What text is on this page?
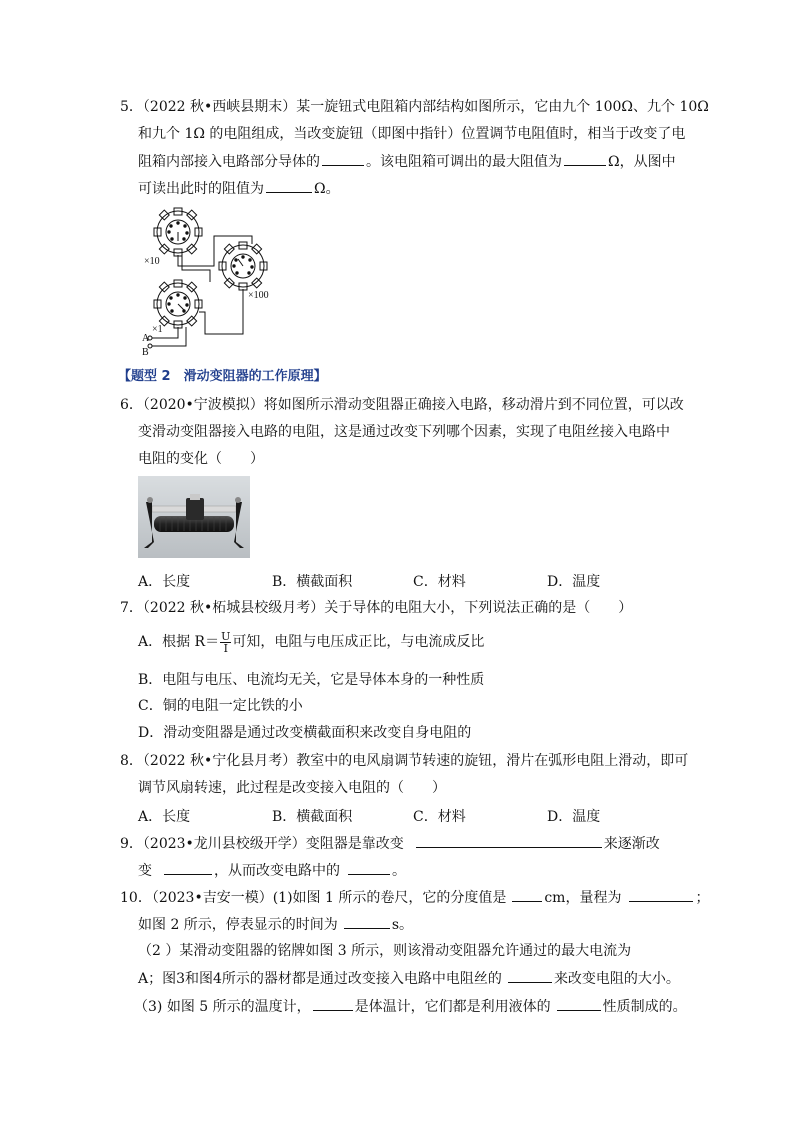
5．（2022 秋•西峡县期末）某一旋钮式电阻箱内部结构如图所示，它由九个 100Ω、九个 10Ω
和九个 1Ω 的电阻组成，当改变旋钮（即图中指针）位置调节电阻值时，相当于改变了电
阻箱内部接入电路部分导体的	。该电阻箱可调出的最大阻值为	Ω，从图中
可读出此时的阻值为	Ω。
×10
×100
×1
A
B
【题型 2　滑动变阻器的工作原理】
6．（2020•宁波模拟）将如图所示滑动变阻器正确接入电路，移动滑片到不同位置，可以改
变滑动变阻器接入电路的电阻，这是通过改变下列哪个因素，实现了电阻丝接入电路中
电阻的变化（　　）
A．长度	B．横截面积	C．材料	D．温度
7．（2022 秋•柘城县校级月考）关于导体的电阻大小，下列说法正确的是（　　）
A．根据 $R= \frac{U}{I}$ 可知，电阻与电压成正比，与电流成反比
B．电阻与电压、电流均无关，它是导体本身的一种性质
C．铜的电阻一定比铁的小
D．滑动变阻器是通过改变横截面积来改变自身电阻的
8．（2022 秋•宁化县月考）教室中的电风扇调节转速的旋钮，滑片在弧形电阻上滑动，即可
调节风扇转速，此过程是改变接入电阻的（　　）
A．长度	B．横截面积	C．材料	D．温度
9．（2023•龙川县校级开学）变阻器是靠改变	来逐渐改
变	，从而改变电路中的	。
10．（2023•吉安一模）(1)如图 1 所示的卷尺，它的分度值是	cm，量程为	；
如图 2 所示，停表显示的时间为	s。
（2 ）某滑动变阻器的铭牌如图 3 所示，则该滑动变阻器允许通过的最大电流为
A；图3和图4所示的器材都是通过改变接入电路中电阻丝的	来改变电阻的大小。
（3) 如图 5 所示的温度计，	是体温计，它们都是利用液体的	性质制成的。
